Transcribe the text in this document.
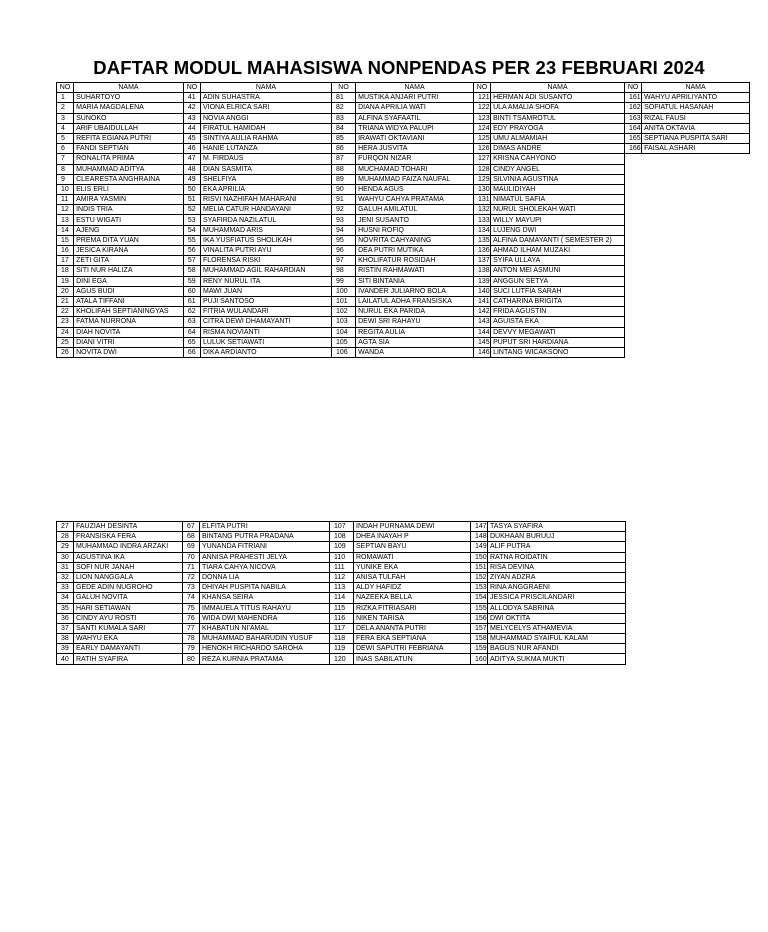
DAFTAR MODUL MAHASISWA NONPENDAS PER 23 FEBRUARI 2024
NO	NAMA	NO	NAMA	NO	NAMA	NO	NAMA	NO	NAMA
1	SUHARTOYO	41	ADIN SUHASTRA	81	MUSTIKA ANJARI PUTRI	121	HERMAN ADI SUSANTO	161	WAHYU APRILIYANTO
2	MARIA MAGDALENA	42	VIONA ELRICA SARI	82	DIANA APRILIA WATI	122	ULA AMALIA SHOFA	162	SOFIATUL HASANAH
3	SUNOKO	43	NOVIA ANGGI	83	ALFINA SYAFAATIL	123	BINTI TSAMROTUL	163	RIZAL FAUSI
4	ARIF UBAIDULLAH	44	FIRATUL HAMIDAH	84	TRIANA WIDYA PALUPI	124	EDY PRAYOGA	164	ANITA OKTAVIA
5	REFITA EGIANA PUTRI	45	SINTIYA AULIA RAHMA	85	IRAWATI OKTAVIANI	125	UMU ALMAMIAH	165	SEPTIANA PUSPITA SARI
6	FANDI SEPTIAN	46	HANIE LUTANZA	86	HERA JUSVITA	126	DIMAS ANDRE	166	FAISAL ASHARI
7	RONALITA PRIMA	47	M. FIRDAUS	87	FURQON NIZAR	127	KRISNA CAHYONO		
8	MUHAMMAD ADITYA	48	DIAN SASMITA	88	MUCHAMAD TOHARI	128	CINDY ANGEL		
9	CLEARESTA ANGHRAINA	49	SHELFIYA	89	MUHAMMAD FAIZA NAUFAL	129	SILVINIA AGUSTINA		
10	ELIS ERLI	50	EKA APRILIA	90	HENDA AGUS	130	MAULIDIYAH		
11	AMIRA YASMIN	51	RISVI NAZHIFAH MAHARANI	91	WAHYU CAHYA PRATAMA	131	NIMATUL SAFIA		
12	INDIS TRIA	52	MELIA CATUR HANDAYANI	92	GALUH AMILATUL	132	NURUL SHOLEKAH WATI		
13	ESTU WIGATI	53	SYAFIRDA NAZILATUL	93	JENI SUSANTO	133	WILLY MAYUPI		
14	AJENG	54	MUHAMMAD ARIS	94	HUSNI ROFIQ	134	LUJENG DWI		
15	PREMA DITA YUAN	55	IKA YUSFIATUS SHOLIKAH	95	NOVRITA CAHYANING	135	ALFINA DAMAYANTI ( SEMESTER 2)		
16	JESICA KIRANA	56	VINALITA PUTRI AYU	96	DEA PUTRI MUTIKA	136	AHMAD ILHAM MUZAKI		
17	ZETI GITA	57	FLORENSA RISKI	97	KHOLIFATUR ROSIDAH	137	SYIFA ULLAYA		
18	SITI NUR HALIZA	58	MUHAMMAD AGIL RAHARDIAN	98	RISTIN RAHMAWATI	138	ANTON MEI ASMUNI		
19	DINI EGA	59	RENY NURUL ITA	99	SITI BINTANIA	139	ANGGUN SETYA		
20	AGUS BUDI	60	MAWI JUAN	100	IVANDER JULIARNO BOLA	140	SUCI LUTFIA SARAH		
21	ATALA TIFFANI	61	PUJI SANTOSO	101	LAILATUL ADHA FRANSISKA	141	CATHARINA BRIGITA		
22	KHOLIFAH SEPTIANINGYAS	62	FITRIA WULANDARI	102	NURUL EKA PARIDA	142	FRIDA AGUSTIN		
23	FATMA NURRONA	63	CITRA DEWI DHAMAYANTI	103	DEWI SRI RAHAYU	143	AGUISTA EKA		
24	DIAH NOVITA	64	RISMA NOVIANTI	104	REGITA AULIA	144	DEVVY MEGAWATI		
25	DIANI VITRI	65	LULUK SETIAWATI	105	AGTA SIA	145	PUPUT SRI HARDIANA		
26	NOVITA DWI	66	DIKA ARDIANTO	106	WANDA	146	LINTANG WICAKSONO		
27	FAUZIAH DESINTA	67	ELFITA PUTRI	107	INDAH PURNAMA DEWI	147	TASYA SYAFIRA
28	FRANSISKA FERA	68	BINTANG PUTRA PRADANA	108	DHEA INAYAH P	148	DUKHAAN BURUUJ
29	MUHAMMAD INDRA ARZAKI	69	YUNANDA FITRIANI	109	SEPTIAN BAYU	149	ALIF PUTRA
30	AGUSTINA IKA	70	ANNISA PRAHESTI JELYA	110	ROMAWATI	150	RATNA ROIDATIN
31	SOFI NUR JANAH	71	TIARA CAHYA NICOVA	111	YUNIKE EKA	151	RISA DEVINA
32	LION NANGGALA	72	DONNA LIA	112	ANISA TULFAH	152	ZIYAN ADZRA
33	GEDE ADIN NUGROHO	73	DHIYAH PUSPITA NABILA	113	ALDY HAFIDZ	153	RINA ANGGRAENI
34	GALUH NOVITA	74	KHANSA SEIRA	114	NAZEEKA BELLA	154	JESSICA PRISCILANDARI
35	HARI SETIAWAN	75	IMMAUELA TITUS RAHAYU	115	RIZKA FITRIASARI	155	ALLODYA SABRINA
36	CINDY AYU ROSTI	76	WIDA DWI MAHENDRA	116	NIKEN TARISA	156	DWI OKTITA
37	SANTI KUMALA SARI	77	KHABATUN NI'AMAL	117	DELA ANANTA PUTRI	157	MELYCELYS ATHAMEVIA
38	WAHYU EKA	78	MUHAMMAD BAHARUDIN YUSUF	118	FERA EKA SEPTIANA	158	MUHAMMAD SYAIFUL KALAM
39	EARLY DAMAYANTI	79	HENOKH RICHARDO SAROHA	119	DEWI SAPUTRI FEBRIANA	159	BAGUS NUR AFANDI
40	RATIH SYAFIRA	80	REZA KURNIA PRATAMA	120	INAS SABILATUN	160	ADITYA SUKMA MUKTI
